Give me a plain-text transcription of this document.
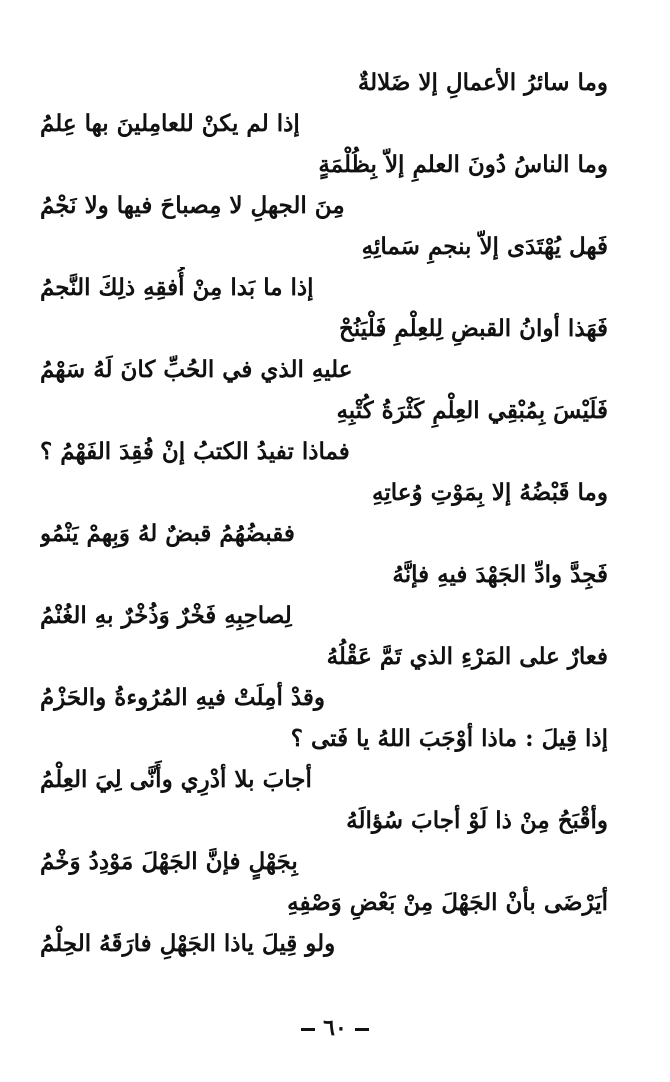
وما سائرُ الأعمالِ إلا ضَلالةٌ
إذا لم يكنْ للعامِلينَ بها عِلمُ
وما الناسُ دُونَ العلمِ إلاّ بِظُلْمَةٍ
مِنَ الجهلِ لا مِصباحَ فيها ولا نَجْمُ
فَهل يُهْتَدَى إلاّ بنجمِ سَمائِهِ
إذا ما بَدا مِنْ أُفقِهِ ذلِكَ النَّجمُ
فَهَذا أوانُ القبضِ لِلعِلْمِ فَلْيَنُحْ
عليهِ الذي في الحُبِّ كانَ لَهُ سَهْمُ
فَلَيْسَ بِمُبْقِي العِلْمِ كَثْرَةُ كُتْبِهِ
فماذا تفيدُ الكتبُ إنْ فُقِدَ الفَهْمُ ؟
وما قَبْضُهُ إلا بِمَوْتِ وُعاتِهِ
فقبضُهُمُ قبضٌ لهُ وَبِهمْ يَنْمُو
فَجِدَّ وادِّ الجَهْدَ فيهِ فإنَّهُ
لِصاحِبِهِ فَخْرٌ وَذُخْرٌ بهِ الغُنْمُ
فعارٌ على المَرْءِ الذي تَمَّ عَقْلُهُ
وقدْ أمِلَتْ فيهِ المُرُوءةُ والحَزْمُ
إذا قِيلَ : ماذا أوْجَبَ اللهُ يا فَتى ؟
أجابَ بلا أدْرِي وأَنَّى لِيَ العِلْمُ
وأقْبَحُ مِنْ ذا لَوْ أجابَ سُؤالَهُ
بِجَهْلٍ فإنَّ الجَهْلَ مَوْدِدُ وَخْمُ
أيَرْضَى بأنْ الجَهْلَ مِنْ بَعْضِ وَصْفِهِ
ولو قِيلَ ياذا الجَهْلِ فارَقَهُ الحِلْمُ
٦٠
